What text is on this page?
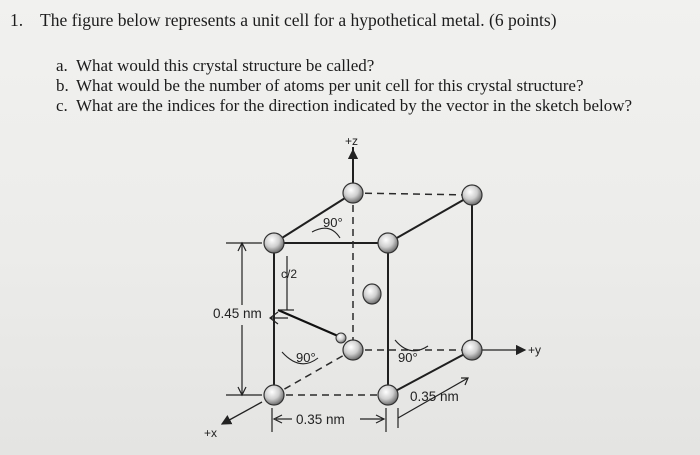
1. The figure below represents a unit cell for a hypothetical metal. (6 points)
a. What would this crystal structure be called?
b. What would be the number of atoms per unit cell for this crystal structure?
c. What are the indices for the direction indicated by the vector in the sketch below?
+z
+y
+x
90°
90°	90°
c/2
0.45 nm
0.35 nm
0.35 nm
